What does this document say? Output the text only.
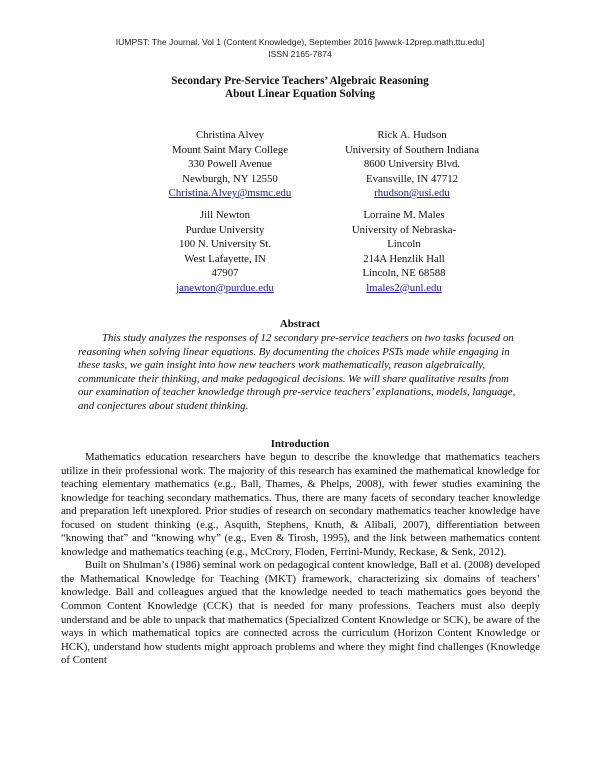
IUMPST: The Journal. Vol 1 (Content Knowledge), September 2016 [www.k-12prep.math.ttu.edu]
ISSN 2165-7874
Secondary Pre-Service Teachers’ Algebraic Reasoning
About Linear Equation Solving
Christina Alvey
Mount Saint Mary College
330 Powell Avenue
Newburgh, NY 12550
Christina.Alvey@msmc.edu
Rick A. Hudson
University of Southern Indiana
8600 University Blvd.
Evansville, IN 47712
rhudson@usi.edu
Jill Newton
Purdue University
100 N. University St.
West Lafayette, IN
47907
janewton@purdue.edu
Lorraine M. Males
University of Nebraska-
Lincoln
214A Henzlik Hall
Lincoln, NE 68588
lmales2@unl.edu
Abstract
This study analyzes the responses of 12 secondary pre-service teachers on two tasks focused on reasoning when solving linear equations. By documenting the choices PSTs made while engaging in these tasks, we gain insight into how new teachers work mathematically, reason algebraically, communicate their thinking, and make pedagogical decisions. We will share qualitative results from our examination of teacher knowledge through pre-service teachers’ explanations, models, language, and conjectures about student thinking.
Introduction

Mathematics education researchers have begun to describe the knowledge that mathematics teachers utilize in their professional work. The majority of this research has examined the mathematical knowledge for teaching elementary mathematics (e.g., Ball, Thames, & Phelps, 2008), with fewer studies examining the knowledge for teaching secondary mathematics. Thus, there are many facets of secondary teacher knowledge and preparation left unexplored. Prior studies of research on secondary mathematics teacher knowledge have focused on student thinking (e.g., Asquith, Stephens, Knuth, & Alibali, 2007), differentiation between “knowing that” and “knowing why” (e.g., Even & Tirosh, 1995), and the link between mathematics content knowledge and mathematics teaching (e.g., McCrory, Floden, Ferrini-Mundy, Reckase, & Senk, 2012).

Built on Shulman’s (1986) seminal work on pedagogical content knowledge, Ball et al. (2008) developed the Mathematical Knowledge for Teaching (MKT) framework, characterizing six domains of teachers’ knowledge. Ball and colleagues argued that the knowledge needed to teach mathematics goes beyond the Common Content Knowledge (CCK) that is needed for many professions. Teachers must also deeply understand and be able to unpack that mathematics (Specialized Content Knowledge or SCK), be aware of the ways in which mathematical topics are connected across the curriculum (Horizon Content Knowledge or HCK), understand how students might approach problems and where they might find challenges (Knowledge of Content
